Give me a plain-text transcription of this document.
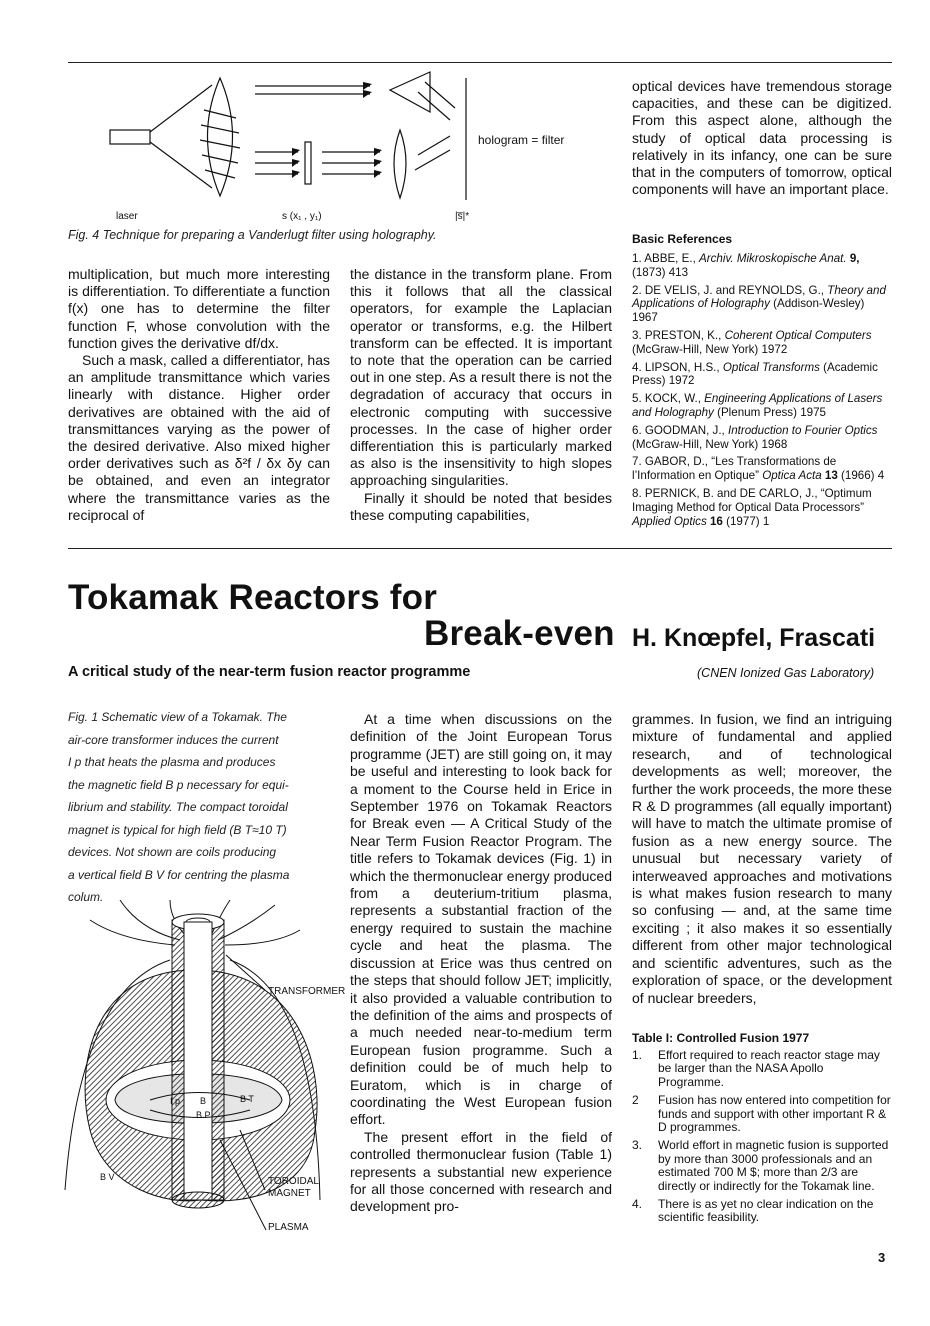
laser	s (x₁ , y₁)	|s̅|*
hologram = filter
Fig. 4 Technique for preparing a Vanderlugt filter using holography.

multiplication, but much more interesting is differentiation. To differentiate a function f(x) one has to determine the filter function F, whose convolution with the function gives the derivative df/dx.

Such a mask, called a differentiator, has an amplitude transmittance which varies linearly with distance. Higher order derivatives are obtained with the aid of transmittances varying as the power of the desired derivative. Also mixed higher order derivatives such as δ²f / δx δy can be obtained, and even an integrator where the transmittance varies as the reciprocal of

the distance in the transform plane. From this it follows that all the classical operators, for example the Laplacian operator or transforms, e.g. the Hilbert transform can be effected. It is important to note that the operation can be carried out in one step. As a result there is not the degradation of accuracy that occurs in electronic computing with successive processes. In the case of higher order differentiation this is particularly marked as also is the insensitivity to high slopes approaching singularities.

Finally it should be noted that besides these computing capabilities,

optical devices have tremendous storage capacities, and these can be digitized. From this aspect alone, although the study of optical data processing is relatively in its infancy, one can be sure that in the computers of tomorrow, optical components will have an important place.

Basic References
1. ABBE, E., Archiv. Mikroskopische Anat. 9, (1873) 413
2. DE VELIS, J. and REYNOLDS, G., Theory and Applications of Holography (Addison-Wesley) 1967
3. PRESTON, K., Coherent Optical Computers (McGraw-Hill, New York) 1972
4. LIPSON, H.S., Optical Transforms (Academic Press) 1972
5. KOCK, W., Engineering Applications of Lasers and Holography (Plenum Press) 1975
6. GOODMAN, J., Introduction to Fourier Optics (McGraw-Hill, New York) 1968
7. GABOR, D., “Les Transformations de l’Information en Optique” Optica Acta 13 (1966) 4
8. PERNICK, B. and DE CARLO, J., “Optimum Imaging Method for Optical Data Processors” Applied Optics 16 (1977) 1
Tokamak Reactors for
Break-even H. Knœpfel, Frascati
A critical study of the near-term fusion reactor programme	(CNEN Ionized Gas Laboratory)
Fig. 1 Schematic view of a Tokamak. The
air-core transformer induces the current
I p that heats the plasma and produces
the magnetic field B p necessary for equi-
librium and stability. The compact toroidal
magnet is typical for high field (B T≈10 T)
devices. Not shown are coils producing
a vertical field B V for centring the plasma
colum.
TRANSFORMER
TOROIDAL
MAGNET
PLASMA
B T
B
B P
I p
B V

At a time when discussions on the definition of the Joint European Torus programme (JET) are still going on, it may be useful and interesting to look back for a moment to the Course held in Erice in September 1976 on Tokamak Reactors for Break even — A Critical Study of the Near Term Fusion Reactor Program. The title refers to Tokamak devices (Fig. 1) in which the thermonuclear energy produced from a deuterium-tritium plasma, represents a substantial fraction of the energy required to sustain the machine cycle and heat the plasma. The discussion at Erice was thus centred on the steps that should follow JET; implicitly, it also provided a valuable contribution to the definition of the aims and prospects of a much needed near-to-medium term European fusion programme. Such a definition could be of much help to Euratom, which is in charge of coordinating the West European fusion effort.

The present effort in the field of controlled thermonuclear fusion (Table 1) represents a substantial new experience for all those concerned with research and development pro-

grammes. In fusion, we find an intriguing mixture of fundamental and applied research, and of technological developments as well; moreover, the further the work proceeds, the more these R & D programmes (all equally important) will have to match the ultimate promise of fusion as a new energy source. The unusual but necessary variety of interweaved approaches and motivations is what makes fusion research to many so confusing — and, at the same time exciting ; it also makes it so essentially different from other major technological and scientific adventures, such as the exploration of space, or the development of nuclear breeders,

Table I: Controlled Fusion 1977
1. Effort required to reach reactor stage may be larger than the NASA Apollo Programme.
2 Fusion has now entered into competition for funds and support with other important R & D programmes.
3. World effort in magnetic fusion is supported by more than 3000 professionals and an estimated 700 M $; more than 2/3 are directly or indirectly for the Tokamak line.
4. There is as yet no clear indication on the scientific feasibility.
3
